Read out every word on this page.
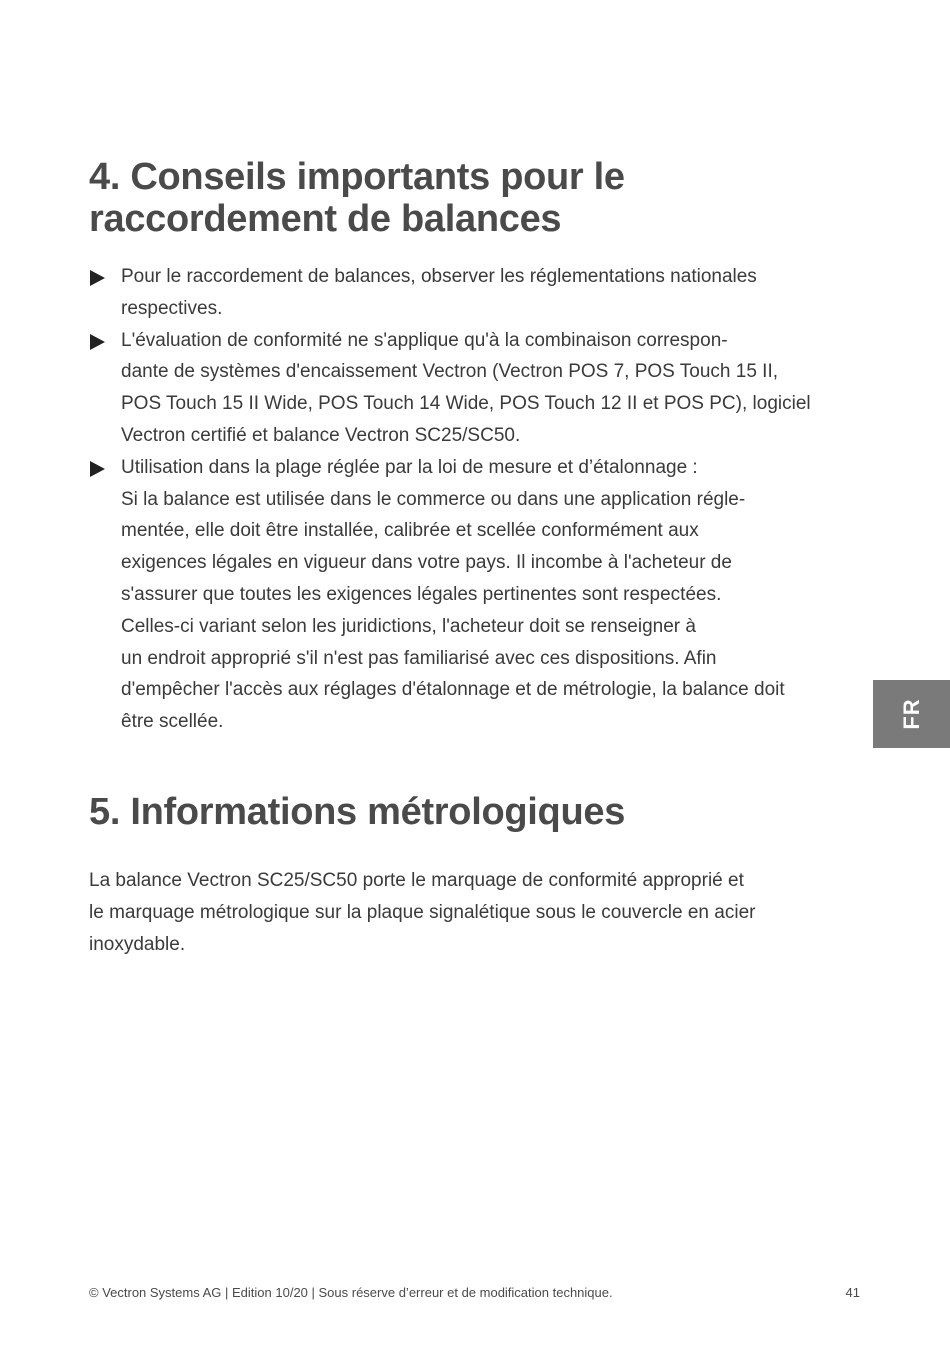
4. Conseils importants pour le raccordement de balances
Pour le raccordement de balances, observer les réglementations nationales
respectives.
L'évaluation de conformité ne s'applique qu'à la combinaison correspon-
dante de systèmes d'encaissement Vectron (Vectron POS 7, POS Touch 15 II,
POS Touch 15 II Wide, POS Touch 14 Wide, POS Touch 12 II et POS PC), logiciel
Vectron certifié et balance Vectron SC25/SC50.
Utilisation dans la plage réglée par la loi de mesure et d’étalonnage :
Si la balance est utilisée dans le commerce ou dans une application régle-
mentée, elle doit être installée, calibrée et scellée conformément aux
exigences légales en vigueur dans votre pays. Il incombe à l'acheteur de
s'assurer que toutes les exigences légales pertinentes sont respectées.
Celles-ci variant selon les juridictions, l'acheteur doit se renseigner à
un endroit approprié s'il n'est pas familiarisé avec ces dispositions. Afin
d'empêcher l'accès aux réglages d'étalonnage et de métrologie, la balance doit
être scellée.
5. Informations métrologiques

La balance Vectron SC25/SC50 porte le marquage de conformité approprié et
le marquage métrologique sur la plaque signalétique sous le couvercle en acier
inoxydable.

FR
© Vectron Systems AG | Edition 10/20 | Sous réserve d’erreur et de modification technique.	41
